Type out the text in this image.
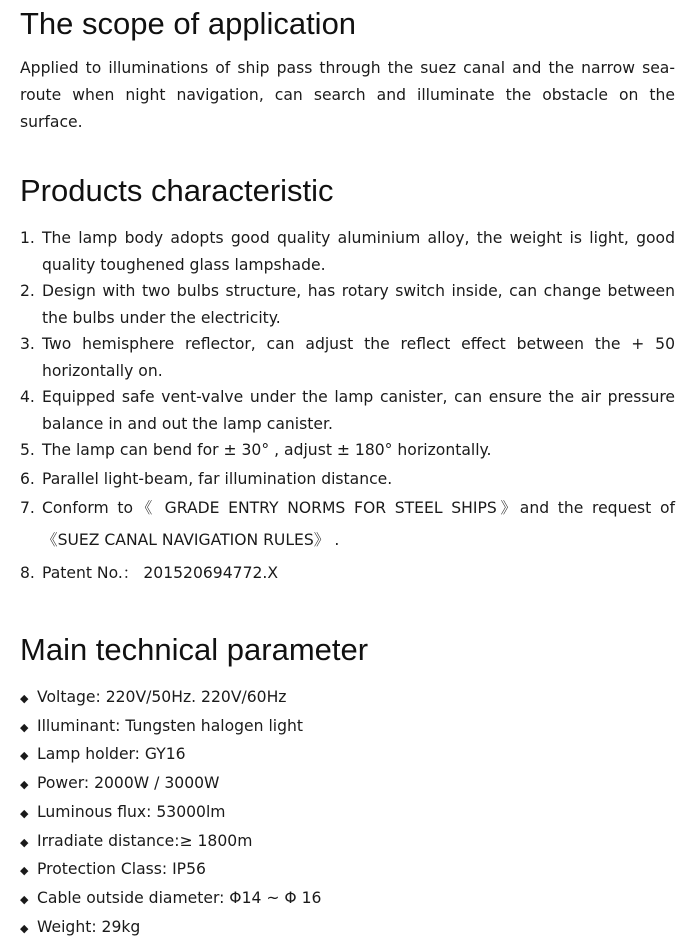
The scope of application

Applied to illuminations of ship pass through the suez canal and the narrow sea-route when night navigation, can search and illuminate the obstacle on the surface.

Products characteristic
1. The lamp body adopts good quality aluminium alloy, the weight is light, good quality toughened glass lampshade.
2. Design with two bulbs structure, has rotary switch inside, can change between the bulbs under the electricity.
3. Two hemisphere reflector, can adjust the reflect effect between the + 50 horizontally on.
4. Equipped safe vent-valve under the lamp canister, can ensure the air pressure balance in and out the lamp canister.
5. The lamp can bend for ± 30° , adjust ± 180° horizontally.
6. Parallel light-beam, far illumination distance.
7. Conform to《 GRADE ENTRY NORMS FOR STEEL SHIPS》and the request of《SUEZ CANAL NAVIGATION RULES》 .
8. Patent No.： 201520694772.X
Main technical parameter
◆ Voltage: 220V/50Hz. 220V/60Hz
◆ Illuminant: Tungsten halogen light
◆ Lamp holder: GY16
◆ Power: 2000W / 3000W
◆ Luminous flux: 53000lm
◆ Irradiate distance:≥ 1800m
◆ Protection Class: IP56
◆ Cable outside diameter: Φ14 ~ Φ 16
◆ Weight: 29kg
